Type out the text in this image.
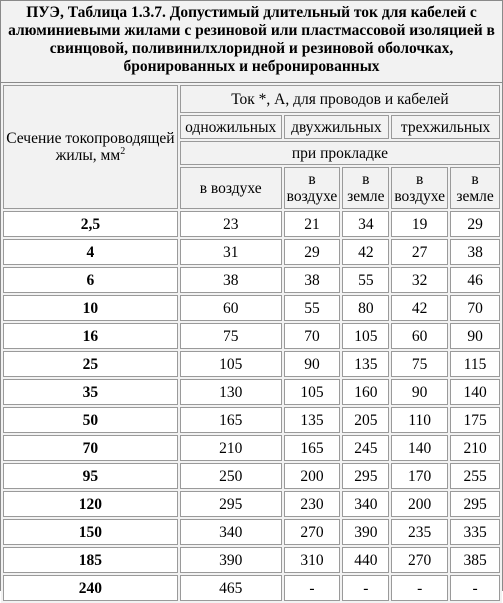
ПУЭ, Таблица 1.3.7. Допустимый длительный ток для кабелей с алюминиевыми жилами с резиновой или пластмассовой изоляцией в свинцовой, поливинилхлоридной и резиновой оболочках, бронированных и небронированных
Сечение токопроводящей жилы, $мм^2$	Ток *, А, для проводов и кабелей				
	одножильных	двухжильных		трехжильных	
	при прокладке				
	в воздухе	в воздухе	в земле	в воздухе	в земле
2,5	23	21	34	19	29
4	31	29	42	27	38
6	38	38	55	32	46
10	60	55	80	42	70
16	75	70	105	60	90
25	105	90	135	75	115
35	130	105	160	90	140
50	165	135	205	110	175
70	210	165	245	140	210
95	250	200	295	170	255
120	295	230	340	200	295
150	340	270	390	235	335
185	390	310	440	270	385
240	465	-	-	-	-
